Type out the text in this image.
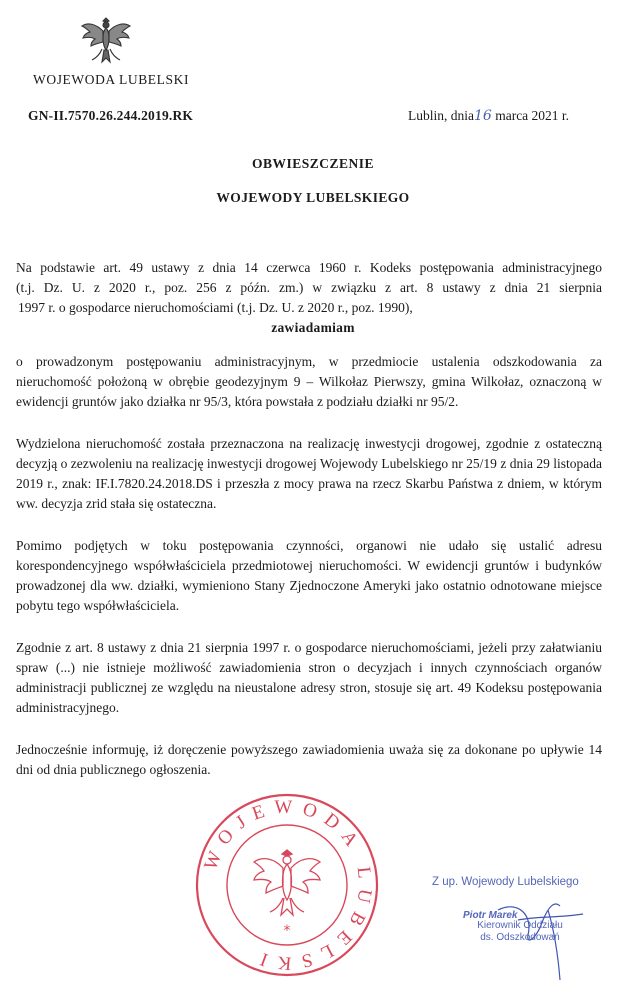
WOJEWODA LUBELSKI
GN-II.7570.26.244.2019.RK	Lublin, dnia16 marca 2021 r.
OBWIESZCZENIE
WOJEWODY LUBELSKIEGO
Na podstawie art. 49 ustawy z dnia 14 czerwca 1960 r. Kodeks postępowania administracyjnego
(t.j. Dz. U. z 2020 r., poz. 256 z późn. zm.) w związku z art. 8 ustawy z dnia 21 sierpnia
1997 r. o gospodarce nieruchomościami (t.j. Dz. U. z 2020 r., poz. 1990),
zawiadamiam
o prowadzonym postępowaniu administracyjnym, w przedmiocie ustalenia odszkodowania za nieruchomość położoną w obrębie geodezyjnym 9 – Wilkołaz Pierwszy, gmina Wilkołaz, oznaczoną w ewidencji gruntów jako działka nr 95/3, która powstała z podziału działki nr 95/2.
Wydzielona nieruchomość została przeznaczona na realizację inwestycji drogowej, zgodnie z ostateczną decyzją o zezwoleniu na realizację inwestycji drogowej Wojewody Lubelskiego nr 25/19 z dnia 29 listopada 2019 r., znak: IF.I.7820.24.2018.DS i przeszła z mocy prawa na rzecz Skarbu Państwa z dniem, w którym ww. decyzja zrid stała się ostateczna.
Pomimo podjętych w toku postępowania czynności, organowi nie udało się ustalić adresu korespondencyjnego współwłaściciela przedmiotowej nieruchomości. W ewidencji gruntów i budynków prowadzonej dla ww. działki, wymieniono Stany Zjednoczone Ameryki jako ostatnio odnotowane miejsce pobytu tego współwłaściciela.
Zgodnie z art. 8 ustawy z dnia 21 sierpnia 1997 r. o gospodarce nieruchomościami, jeżeli przy załatwianiu spraw (...) nie istnieje możliwość zawiadomienia stron o decyzjach i innych czynnościach organów administracji publicznej ze względu na nieustalone adresy stron, stosuje się art. 49 Kodeksu postępowania administracyjnego.
Jednocześnie informuję, iż doręczenie powyższego zawiadomienia uważa się za dokonane po upływie 14 dni od dnia publicznego ogłoszenia.
WOJEWODA LUBELSKI
*
Z up. Wojewody Lubelskiego
Piotr Marek
Kierownik Oddziału
ds. Odszkodowań
